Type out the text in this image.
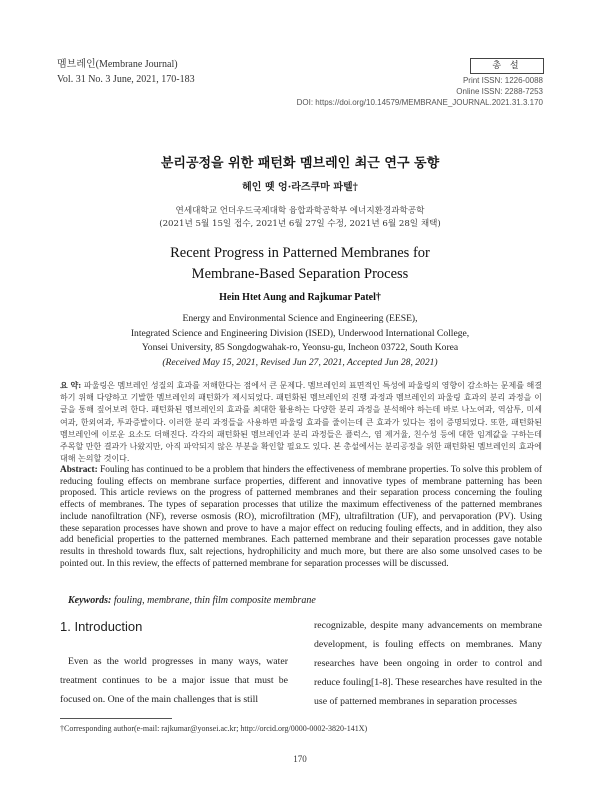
멤브레인(Membrane Journal)
Vol. 31 No. 3 June, 2021, 170-183
총 설
Print ISSN: 1226-0088
Online ISSN: 2288-7253
DOI: https://doi.org/10.14579/MEMBRANE_JOURNAL.2021.31.3.170
분리공정을 위한 패턴화 멤브레인 최근 연구 동향
헤인 뗏 엉·라즈쿠마 파텔†
연세대학교 언더우드국제대학 융합과학공학부 에너지환경과학공학
(2021년 5월 15일 접수, 2021년 6월 27일 수정, 2021년 6월 28일 채택)
Recent Progress in Patterned Membranes for
Membrane-Based Separation Process
Hein Htet Aung and Rajkumar Patel†
Energy and Environmental Science and Engineering (EESE),
Integrated Science and Engineering Division (ISED), Underwood International College,
Yonsei University, 85 Songdogwahak-ro, Yeonsu-gu, Incheon 03722, South Korea
(Received May 15, 2021, Revised Jun 27, 2021, Accepted Jun 28, 2021)
요 약: 파울링은 멤브레인 성질의 효과를 저해한다는 점에서 큰 문제다. 멤브레인의 표면적인 특성에 파울링의 영향이 감소하는 문제를 해결하기 위해 다양하고 기발한 멤브레인의 패턴화가 제시되었다. 패턴화된 멤브레인의 진행 과정과 멤브레인의 파울링 효과의 분리 과정을 이 글을 통해 짚어보려 한다. 패턴화된 멤브레인의 효과를 최대한 활용하는 다양한 분리 과정을 분석해야 하는데 바로 나노여과, 역삼투, 미세여과, 한외여과, 투과증발이다. 이러한 분리 과정들을 사용하면 파울링 효과를 줄이는데 큰 효과가 있다는 점이 증명되었다. 또한, 패턴화된 멤브레인에 이로운 요소도 더해진다. 각각의 패턴화된 멤브레인과 분리 과정들은 플럭스, 염 제거율, 친수성 등에 대한 임계값을 구하는데 주목할 만한 결과가 나왔지만, 아직 파악되지 않은 부분을 확인할 필요도 있다. 본 총설에서는 분리공정을 위한 패턴화된 멤브레인의 효과에 대해 논의할 것이다.
Abstract: Fouling has continued to be a problem that hinders the effectiveness of membrane properties. To solve this problem of reducing fouling effects on membrane surface properties, different and innovative types of membrane patterning has been proposed. This article reviews on the progress of patterned membranes and their separation process concerning the fouling effects of membranes. The types of separation processes that utilize the maximum effectiveness of the patterned membranes include nanofiltration (NF), reverse osmosis (RO), microfiltration (MF), ultrafiltration (UF), and pervaporation (PV). Using these separation processes have shown and prove to have a major effect on reducing fouling effects, and in addition, they also add beneficial properties to the patterned membranes. Each patterned membrane and their separation processes gave notable results in threshold towards flux, salt rejections, hydrophilicity and much more, but there are also some unsolved cases to be pointed out. In this review, the effects of patterned membrane for separation processes will be discussed.
Keywords: fouling, membrane, thin film composite membrane
1. Introduction
Even as the world progresses in many ways, water treatment continues to be a major issue that must be focused on. One of the main challenges that is still
recognizable, despite many advancements on membrane development, is fouling effects on membranes. Many researches have been ongoing in order to control and reduce fouling[1-8]. These researches have resulted in the use of patterned membranes in separation processes
†Corresponding author(e-mail: rajkumar@yonsei.ac.kr; http://orcid.org/0000-0002-3820-141X)
170
